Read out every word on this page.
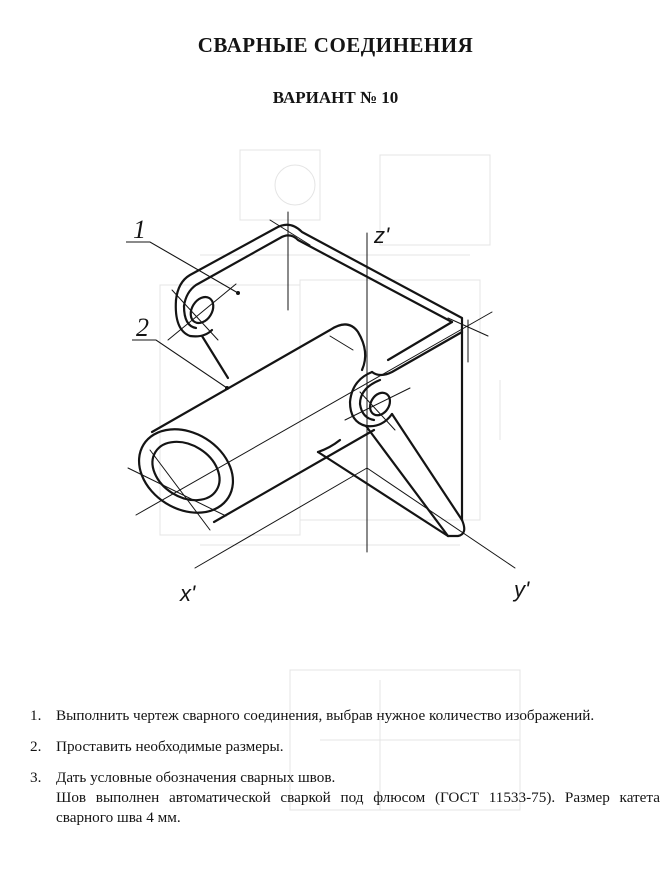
СВАРНЫЕ СОЕДИНЕНИЯ
ВАРИАНТ № 10
1
2
z'
x'	y'
1. Выполнить чертеж сварного соединения, выбрав нужное количество изображений.
2. Проставить необходимые размеры.
3. Дать условные обозначения сварных швов.
Шов выполнен автоматической сваркой под флюсом (ГОСТ 11533-75). Размер катета сварного шва 4 мм.
